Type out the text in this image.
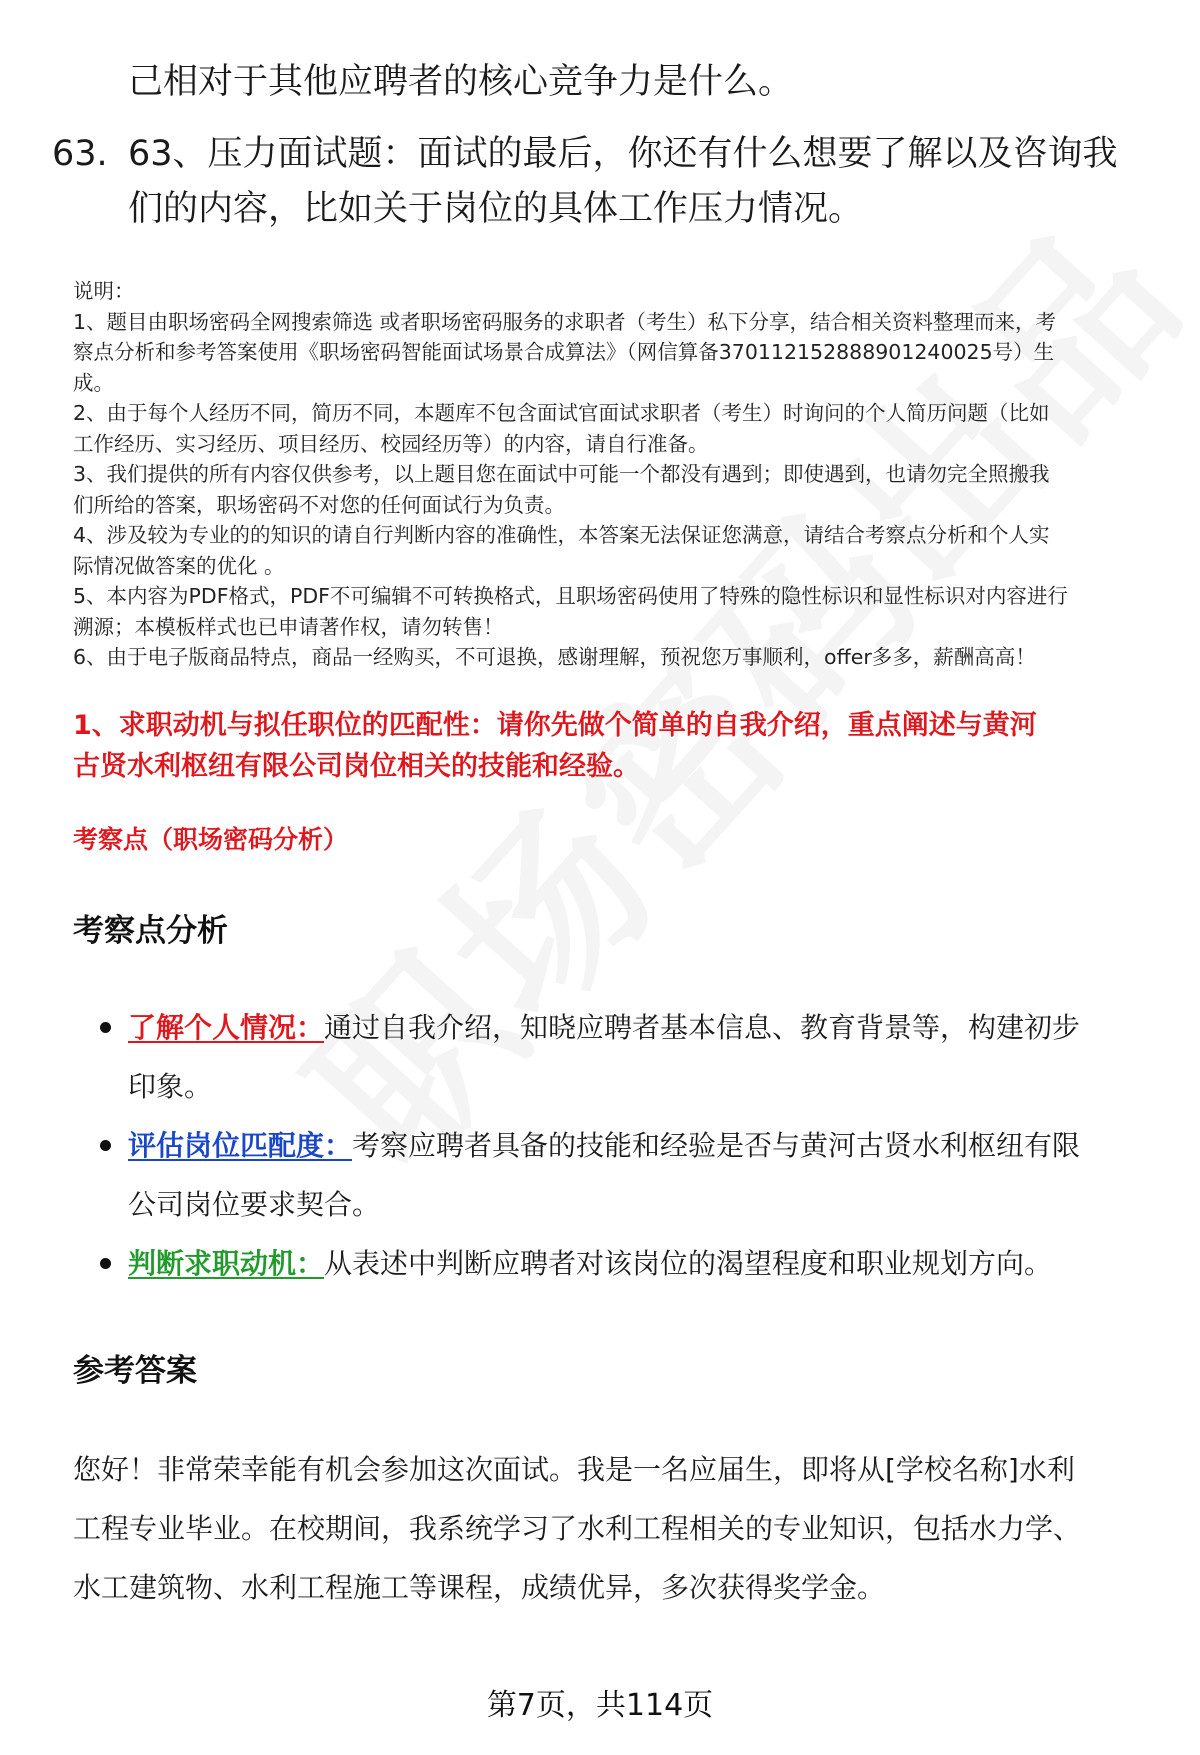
己相对于其他应聘者的核心竞争力是什么。
63. 63、压力面试题：面试的最后，你还有什么想要了解以及咨询我
们的内容，比如关于岗位的具体工作压力情况。

说明：

1、题目由职场密码全网搜索筛选 或者职场密码服务的求职者（考生）私下分享，结合相关资料整理而来，考

察点分析和参考答案使用《职场密码智能面试场景合成算法》（网信算备370112152888901240025号）生

成。

2、由于每个人经历不同，简历不同，本题库不包含面试官面试求职者（考生）时询问的个人简历问题（比如

工作经历、实习经历、项目经历、校园经历等）的内容，请自行准备。

3、我们提供的所有内容仅供参考，以上题目您在面试中可能一个都没有遇到；即使遇到，也请勿完全照搬我

们所给的答案，职场密码不对您的任何面试行为负责。

4、涉及较为专业的的知识的请自行判断内容的准确性，本答案无法保证您满意，请结合考察点分析和个人实

际情况做答案的优化 。

5、本内容为PDF格式，PDF不可编辑不可转换格式，且职场密码使用了特殊的隐性标识和显性标识对内容进行

溯源；本模板样式也已申请著作权，请勿转售！

6、由于电子版商品特点，商品一经购买，不可退换，感谢理解，预祝您万事顺利，offer多多，薪酬高高！

1、求职动机与拟任职位的匹配性：请你先做个简单的自我介绍，重点阐述与黄河
古贤水利枢纽有限公司岗位相关的技能和经验。
考察点（职场密码分析）
考察点分析
了解个人情况：通过自我介绍，知晓应聘者基本信息、教育背景等，构建初步
印象。
评估岗位匹配度：考察应聘者具备的技能和经验是否与黄河古贤水利枢纽有限
公司岗位要求契合。
判断求职动机：从表述中判断应聘者对该岗位的渴望程度和职业规划方向。
参考答案
您好！非常荣幸能有机会参加这次面试。我是一名应届生，即将从[学校名称]水利
工程专业毕业。在校期间，我系统学习了水利工程相关的专业知识，包括水力学、
水工建筑物、水利工程施工等课程，成绩优异，多次获得奖学金。
第7页，共114页
